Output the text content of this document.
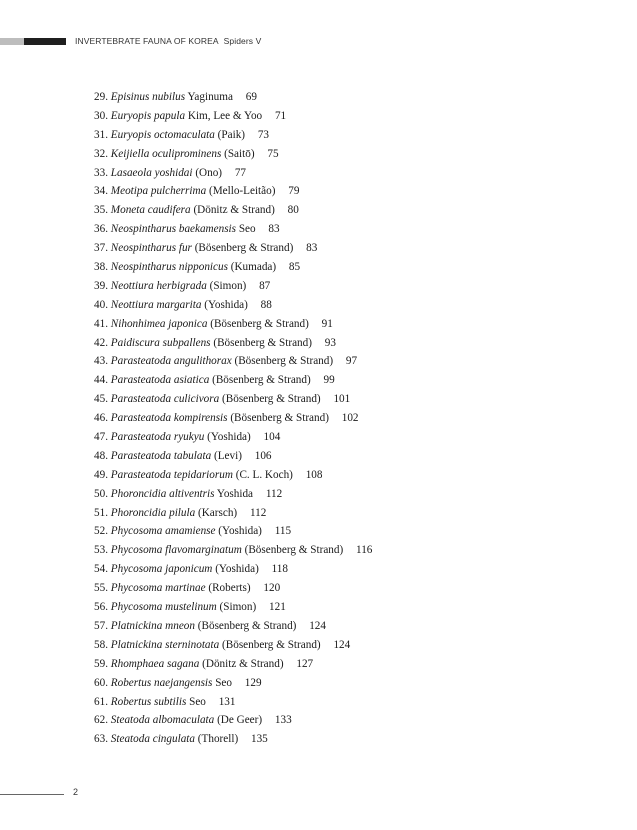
INVERTEBRATE FAUNA OF KOREA Spiders V
29. Episinus nubilus Yaginuma 69
30. Euryopis papula Kim, Lee & Yoo 71
31. Euryopis octomaculata (Paik) 73
32. Keijiella oculiprominens (Saitō) 75
33. Lasaeola yoshidai (Ono) 77
34. Meotipa pulcherrima (Mello-Leitão) 79
35. Moneta caudifera (Dönitz & Strand) 80
36. Neospintharus baekamensis Seo 83
37. Neospintharus fur (Bösenberg & Strand) 83
38. Neospintharus nipponicus (Kumada) 85
39. Neottiura herbigrada (Simon) 87
40. Neottiura margarita (Yoshida) 88
41. Nihonhimea japonica (Bösenberg & Strand) 91
42. Paidiscura subpallens (Bösenberg & Strand) 93
43. Parasteatoda angulithorax (Bösenberg & Strand) 97
44. Parasteatoda asiatica (Bösenberg & Strand) 99
45. Parasteatoda culicivora (Bösenberg & Strand) 101
46. Parasteatoda kompirensis (Bösenberg & Strand) 102
47. Parasteatoda ryukyu (Yoshida) 104
48. Parasteatoda tabulata (Levi) 106
49. Parasteatoda tepidariorum (C. L. Koch) 108
50. Phoroncidia altiventris Yoshida 112
51. Phoroncidia pilula (Karsch) 112
52. Phycosoma amamiense (Yoshida) 115
53. Phycosoma flavomarginatum (Bösenberg & Strand) 116
54. Phycosoma japonicum (Yoshida) 118
55. Phycosoma martinae (Roberts) 120
56. Phycosoma mustelinum (Simon) 121
57. Platnickina mneon (Bösenberg & Strand) 124
58. Platnickina sterninotata (Bösenberg & Strand) 124
59. Rhomphaea sagana (Dönitz & Strand) 127
60. Robertus naejangensis Seo 129
61. Robertus subtilis Seo 131
62. Steatoda albomaculata (De Geer) 133
63. Steatoda cingulata (Thorell) 135
2
